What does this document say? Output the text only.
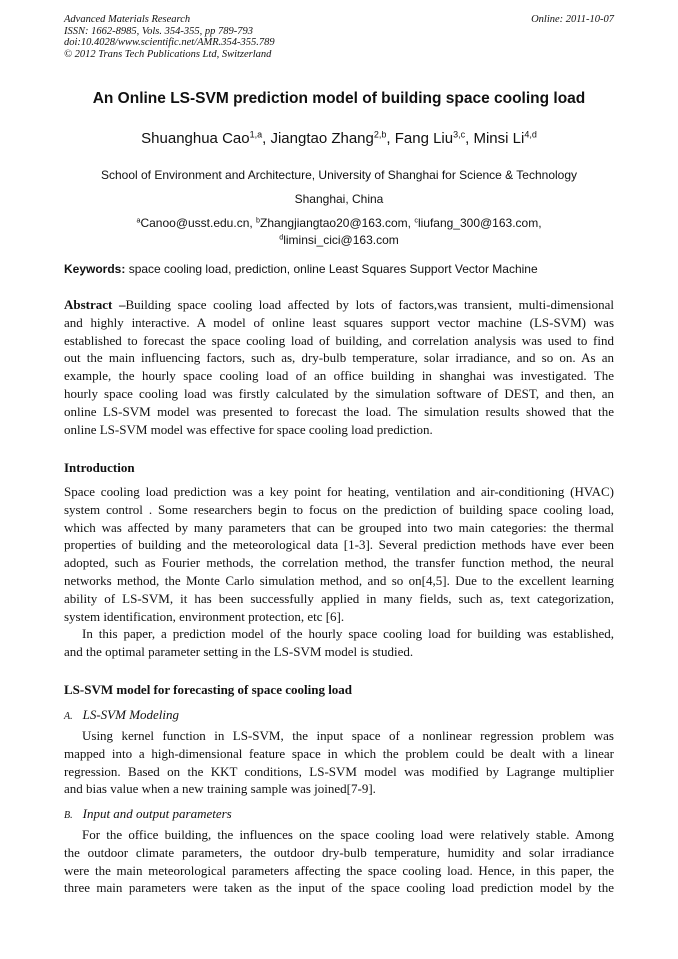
Advanced Materials Research
ISSN: 1662-8985, Vols. 354-355, pp 789-793
doi:10.4028/www.scientific.net/AMR.354-355.789
© 2012 Trans Tech Publications Ltd, Switzerland
Online: 2011-10-07
An Online LS-SVM prediction model of building space cooling load
Shuanghua Cao$^{1,a}$, Jiangtao Zhang$^{2,b}$, Fang Liu$^{3,c}$, Minsi Li$^{4,d}$
School of Environment and Architecture, University of Shanghai for Science & Technology
Shanghai, China
$^a$Canoo@usst.edu.cn, $^b$Zhangjiangtao20@163.com, $^c$liufang_300@163.com,
$^d$liminsi_cici@163.com
Keywords: space cooling load, prediction, online Least Squares Support Vector Machine
Abstract –Building space cooling load affected by lots of factors,was transient, multi-dimensional
and highly interactive. A model of online least squares support vector machine (LS-SVM) was
established to forecast the space cooling load of building, and correlation analysis was used to find
out the main influencing factors, such as, dry-bulb temperature, solar irradiance, and so on. As an
example, the hourly space cooling load of an office building in shanghai was investigated. The
hourly space cooling load was firstly calculated by the simulation software of DEST, and then, an
online LS-SVM model was presented to forecast the load. The simulation results showed that the
online LS-SVM model was effective for space cooling load prediction.
Introduction
Space cooling load prediction was a key point for heating, ventilation and air-conditioning (HVAC)
system control . Some researchers begin to focus on the prediction of building space cooling load,
which was affected by many parameters that can be grouped into two main categories: the thermal
properties of building and the meteorological data [1-3]. Several prediction methods have ever been
adopted, such as Fourier methods, the correlation method, the transfer function method, the neural
networks method, the Monte Carlo simulation method, and so on[4,5]. Due to the excellent learning
ability of LS-SVM, it has been successfully applied in many fields, such as, text categorization,
system identification, environment protection, etc [6].
In this paper, a prediction model of the hourly space cooling load for building was established,
and the optimal parameter setting in the LS-SVM model is studied.
LS-SVM model for forecasting of space cooling load
A. LS-SVM Modeling
Using kernel function in LS-SVM, the input space of a nonlinear regression problem was
mapped into a high-dimensional feature space in which the problem could be dealt with a linear
regression. Based on the KKT conditions, LS-SVM model was modified by Lagrange multiplier
and bias value when a new training sample was joined[7-9].
B. Input and output parameters
For the office building, the influences on the space cooling load were relatively stable. Among
the outdoor climate parameters, the outdoor dry-bulb temperature, humidity and solar irradiance
were the main meteorological parameters affecting the space cooling load. Hence, in this paper, the
three main parameters were taken as the input of the space cooling load prediction model by the
